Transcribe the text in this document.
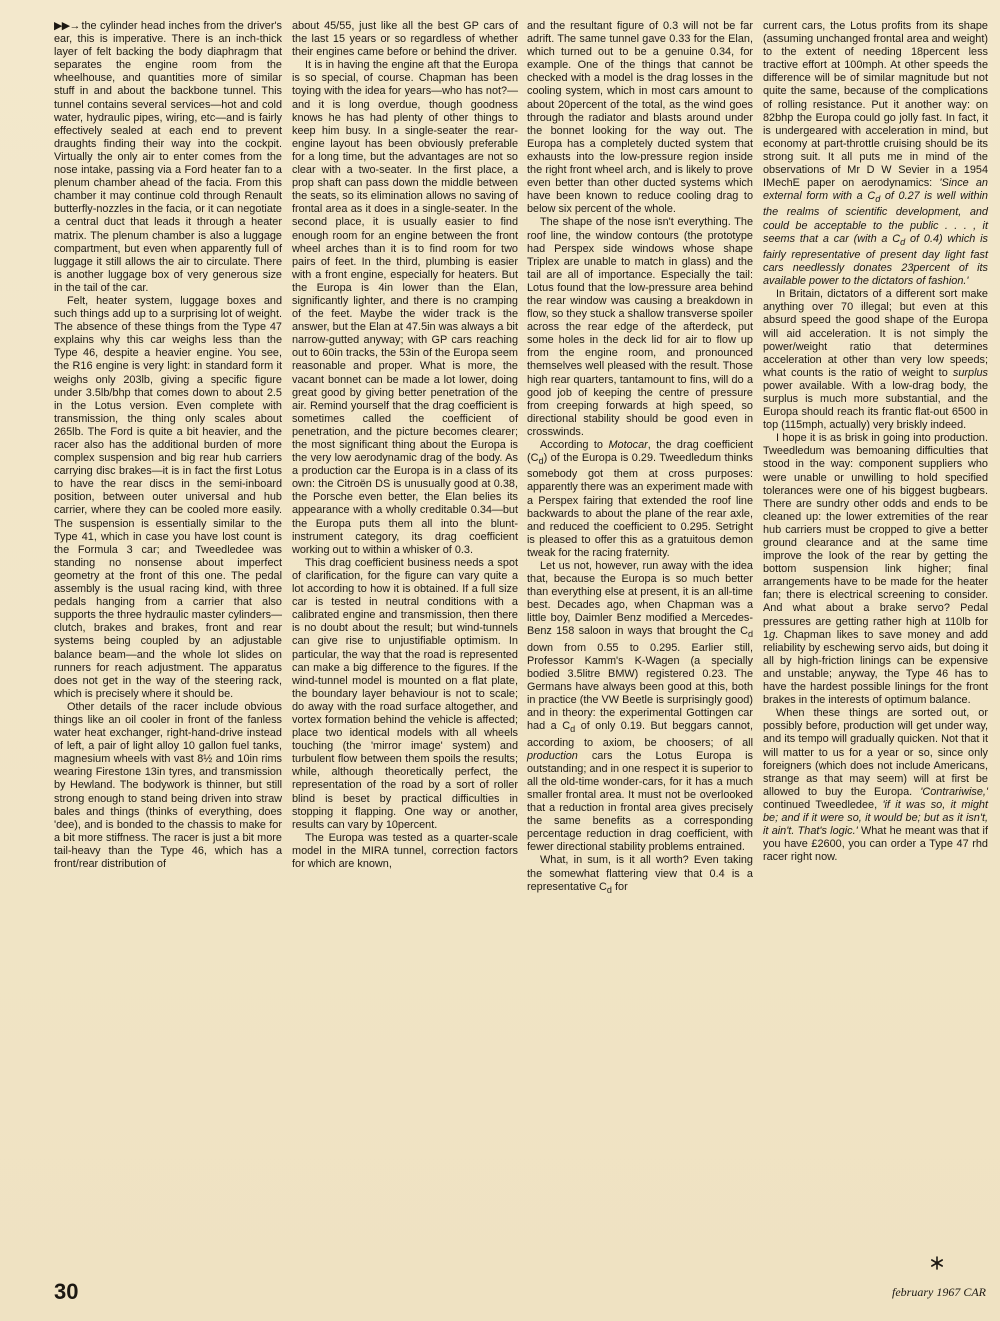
▶▶→ the cylinder head inches from the driver's ear, this is imperative. There is an inch-thick layer of felt backing the body diaphragm that separates the engine room from the wheelhouse, and quantities more of similar stuff in and about the backbone tunnel. This tunnel contains several services—hot and cold water, hydraulic pipes, wiring, etc—and is fairly effectively sealed at each end to prevent draughts finding their way into the cockpit. Virtually the only air to enter comes from the nose intake, passing via a Ford heater fan to a plenum chamber ahead of the facia. From this chamber it may continue cold through Renault butterfly-nozzles in the facia, or it can negotiate a central duct that leads it through a heater matrix. The plenum chamber is also a luggage compartment, but even when apparently full of luggage it still allows the air to circulate. There is another luggage box of very generous size in the tail of the car.

Felt, heater system, luggage boxes and such things add up to a surprising lot of weight. The absence of these things from the Type 47 explains why this car weighs less than the Type 46, despite a heavier engine. You see, the R16 engine is very light: in standard form it weighs only 203lb, giving a specific figure under 3.5lb/bhp that comes down to about 2.5 in the Lotus version. Even complete with transmission, the thing only scales about 265lb. The Ford is quite a bit heavier, and the racer also has the additional burden of more complex suspension and big rear hub carriers carrying disc brakes—it is in fact the first Lotus to have the rear discs in the semi-inboard position, between outer universal and hub carrier, where they can be cooled more easily. The suspension is essentially similar to the Type 41, which in case you have lost count is the Formula 3 car; and Tweedledee was standing no nonsense about imperfect geometry at the front of this one. The pedal assembly is the usual racing kind, with three pedals hanging from a carrier that also supports the three hydraulic master cylinders—clutch, brakes and brakes, front and rear systems being coupled by an adjustable balance beam—and the whole lot slides on runners for reach adjustment. The apparatus does not get in the way of the steering rack, which is precisely where it should be.

Other details of the racer include obvious things like an oil cooler in front of the fanless water heat exchanger, right-hand-drive instead of left, a pair of light alloy 10 gallon fuel tanks, magnesium wheels with vast 8½ and 10in rims wearing Firestone 13in tyres, and transmission by Hewland. The bodywork is thinner, but still strong enough to stand being driven into straw bales and things (thinks of everything, does 'dee), and is bonded to the chassis to make for a bit more stiffness. The racer is just a bit more tail-heavy than the Type 46, which has a front/rear distribution of

about 45/55, just like all the best GP cars of the last 15 years or so regardless of whether their engines came before or behind the driver.

It is in having the engine aft that the Europa is so special, of course. Chapman has been toying with the idea for years—who has not?—and it is long overdue, though goodness knows he has had plenty of other things to keep him busy. In a single-seater the rear-engine layout has been obviously preferable for a long time, but the advantages are not so clear with a two-seater. In the first place, a prop shaft can pass down the middle between the seats, so its elimination allows no saving of frontal area as it does in a single-seater. In the second place, it is usually easier to find enough room for an engine between the front wheel arches than it is to find room for two pairs of feet. In the third, plumbing is easier with a front engine, especially for heaters. But the Europa is 4in lower than the Elan, significantly lighter, and there is no cramping of the feet. Maybe the wider track is the answer, but the Elan at 47.5in was always a bit narrow-gutted anyway; with GP cars reaching out to 60in tracks, the 53in of the Europa seem reasonable and proper. What is more, the vacant bonnet can be made a lot lower, doing great good by giving better penetration of the air. Remind yourself that the drag coefficient is sometimes called the coefficient of penetration, and the picture becomes clearer; the most significant thing about the Europa is the very low aerodynamic drag of the body. As a production car the Europa is in a class of its own: the Citroën DS is unusually good at 0.38, the Porsche even better, the Elan belies its appearance with a wholly creditable 0.34—but the Europa puts them all into the blunt-instrument category, its drag coefficient working out to within a whisker of 0.3.

This drag coefficient business needs a spot of clarification, for the figure can vary quite a lot according to how it is obtained. If a full size car is tested in neutral conditions with a calibrated engine and transmission, then there is no doubt about the result; but wind-tunnels can give rise to unjustifiable optimism. In particular, the way that the road is represented can make a big difference to the figures. If the wind-tunnel model is mounted on a flat plate, the boundary layer behaviour is not to scale; do away with the road surface altogether, and vortex formation behind the vehicle is affected; place two identical models with all wheels touching (the 'mirror image' system) and turbulent flow between them spoils the results; while, although theoretically perfect, the representation of the road by a sort of roller blind is beset by practical difficulties in stopping it flapping. One way or another, results can vary by 10percent.

The Europa was tested as a quarter-scale model in the MIRA tunnel, correction factors for which are known,

and the resultant figure of 0.3 will not be far adrift. The same tunnel gave 0.33 for the Elan, which turned out to be a genuine 0.34, for example. One of the things that cannot be checked with a model is the drag losses in the cooling system, which in most cars amount to about 20percent of the total, as the wind goes through the radiator and blasts around under the bonnet looking for the way out. The Europa has a completely ducted system that exhausts into the low-pressure region inside the right front wheel arch, and is likely to prove even better than other ducted systems which have been known to reduce cooling drag to below six percent of the whole.

The shape of the nose isn't everything. The roof line, the window contours (the prototype had Perspex side windows whose shape Triplex are unable to match in glass) and the tail are all of importance. Especially the tail: Lotus found that the low-pressure area behind the rear window was causing a breakdown in flow, so they stuck a shallow transverse spoiler across the rear edge of the afterdeck, put some holes in the deck lid for air to flow up from the engine room, and pronounced themselves well pleased with the result. Those high rear quarters, tantamount to fins, will do a good job of keeping the centre of pressure from creeping forwards at high speed, so directional stability should be good even in crosswinds.

According to Motocar, the drag coefficient $(C_d)$ of the Europa is 0.29. Tweedledum thinks somebody got them at cross purposes: apparently there was an experiment made with a Perspex fairing that extended the roof line backwards to about the plane of the rear axle, and reduced the coefficient to 0.295. Setright is pleased to offer this as a gratuitous demon tweak for the racing fraternity.

Let us not, however, run away with the idea that, because the Europa is so much better than everything else at present, it is an all-time best. Decades ago, when Chapman was a little boy, Daimler Benz modified a Mercedes-Benz 158 saloon in ways that brought the $C_d$ down from 0.55 to 0.295. Earlier still, Professor Kamm's K-Wagen (a specially bodied 3.5litre BMW) registered 0.23. The Germans have always been good at this, both in practice (the VW Beetle is surprisingly good) and in theory: the experimental Gottingen car had a $C_d$ of only 0.19. But beggars cannot, according to axiom, be choosers; of all production cars the Lotus Europa is outstanding; and in one respect it is superior to all the old-time wonder-cars, for it has a much smaller frontal area. It must not be overlooked that a reduction in frontal area gives precisely the same benefits as a corresponding percentage reduction in drag coefficient, with fewer directional stability problems entrained.

What, in sum, is it all worth? Even taking the somewhat flattering view that 0.4 is a representative $C_d$ for

current cars, the Lotus profits from its shape (assuming unchanged frontal area and weight) to the extent of needing 18percent less tractive effort at 100mph. At other speeds the difference will be of similar magnitude but not quite the same, because of the complications of rolling resistance. Put it another way: on 82bhp the Europa could go jolly fast. In fact, it is undergeared with acceleration in mind, but economy at part-throttle cruising should be its strong suit. It all puts me in mind of the observations of Mr D W Sevier in a 1954 IMechE paper on aerodynamics: 'Since an external form with a $C_d$ of 0.27 is well within the realms of scientific development, and could be acceptable to the public . . . , it seems that a car (with a $C_d$ of 0.4) which is fairly representative of present day light fast cars needlessly donates 23percent of its available power to the dictators of fashion.'

In Britain, dictators of a different sort make anything over 70 illegal; but even at this absurd speed the good shape of the Europa will aid acceleration. It is not simply the power/weight ratio that determines acceleration at other than very low speeds; what counts is the ratio of weight to surplus power available. With a low-drag body, the surplus is much more substantial, and the Europa should reach its frantic flat-out 6500 in top (115mph, actually) very briskly indeed.

I hope it is as brisk in going into production. Tweedledum was bemoaning difficulties that stood in the way: component suppliers who were unable or unwilling to hold specified tolerances were one of his biggest bugbears. There are sundry other odds and ends to be cleaned up: the lower extremities of the rear hub carriers must be cropped to give a better ground clearance and at the same time improve the look of the rear by getting the bottom suspension link higher; final arrangements have to be made for the heater fan; there is electrical screening to consider. And what about a brake servo? Pedal pressures are getting rather high at 110lb for 1g. Chapman likes to save money and add reliability by eschewing servo aids, but doing it all by high-friction linings can be expensive and unstable; anyway, the Type 46 has to have the hardest possible linings for the front brakes in the interests of optimum balance.

When these things are sorted out, or possibly before, production will get under way, and its tempo will gradually quicken. Not that it will matter to us for a year or so, since only foreigners (which does not include Americans, strange as that may seem) will at first be allowed to buy the Europa. 'Contrariwise,' continued Tweedledee, 'if it was so, it might be; and if it were so, it would be; but as it isn't, it ain't. That's logic.' What he meant was that if you have £2600, you can order a Type 47 rhd racer right now.

30	february 1967 CAR
